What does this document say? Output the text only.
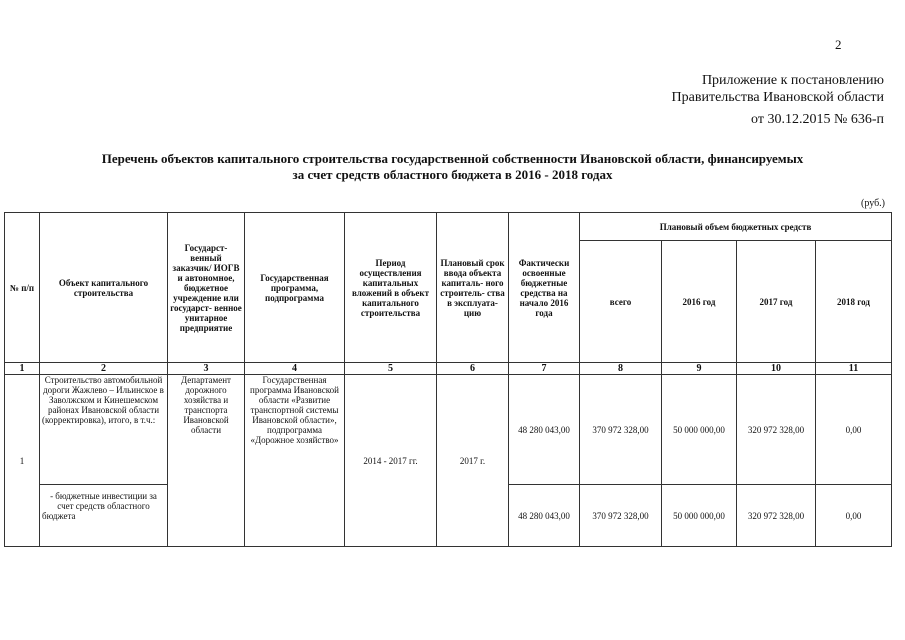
2
Приложение к постановлению
Правительства Ивановской области
от 30.12.2015 № 636-п
Перечень объектов капитального строительства государственной собственности Ивановской области, финансируемых
за счет средств областного бюджета в 2016 - 2018 годах
(руб.)
№ п/п	Объект капитального строительства	Государст- венный заказчик/ ИОГВ и автономное, бюджетное учреждение или государст- венное унитарное предприятие	Государственная программа, подпрограмма	Период осуществления капитальных вложений в объект капитального строительства	Плановый срок ввода объекта капиталь- ного строитель- ства в эксплуата- цию	Фактически освоенные бюджетные средства на начало 2016 года	Плановый объем бюджетных средств			
							всего	2016 год	2017 год	2018 год
1	2	3	4	5	6	7	8	9	10	11
1	Строительство автомобильной дороги Жажлево – Ильинское в Заволжском и Кинешемском районах Ивановской области (корректировка), итого, в т.ч.:	Департамент дорожного хозяйства и транспорта Ивановской области	Государственная программа Ивановской области «Развитие транспортной системы Ивановской области», подпрограмма «Дорожное хозяйство»	2014 - 2017 гг.	2017 г.	48 280 043,00	370 972 328,00	50 000 000,00	320 972 328,00	0,00
	- бюджетные инвестиции за счет средств областного бюджета					48 280 043,00	370 972 328,00	50 000 000,00	320 972 328,00	0,00
